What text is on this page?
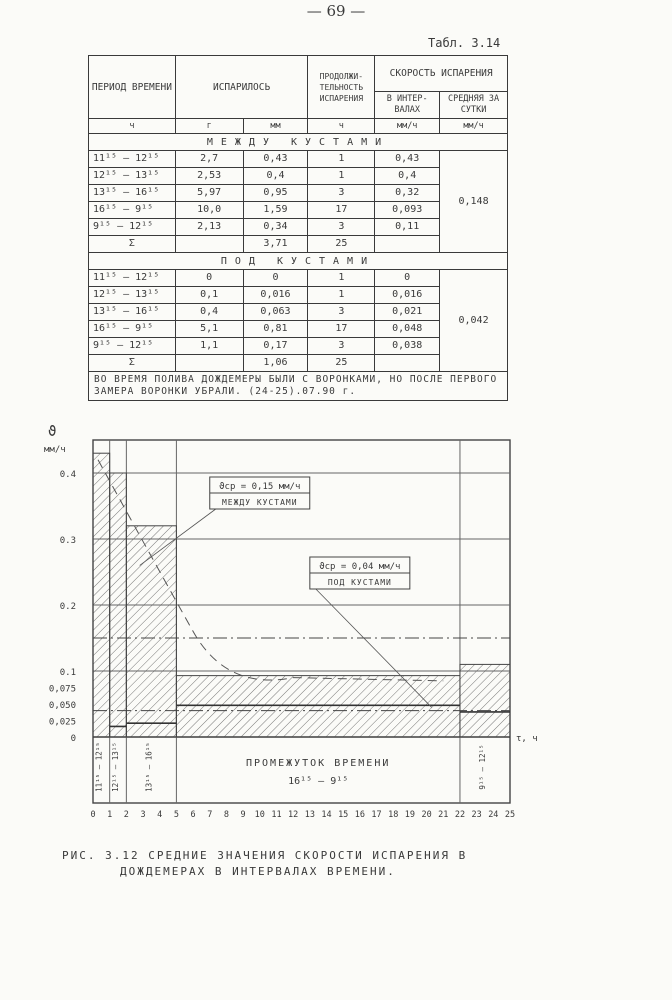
— 69 —
Табл. 3.14
ПЕРИОД ВРЕМЕНИ	ИСПАРИЛОСЬ		ПРОДОЛЖИ-ТЕЛЬНОСТЬ ИСПАРЕНИЯ	СКОРОСТЬ ИСПАРЕНИЯ	
				В ИНТЕР-ВАЛАХ	СРЕДНЯЯ ЗА СУТКИ
ч	г	мм	ч	мм/ч	мм/ч
МЕЖДУ КУСТАМИ					
11¹⁵ – 12¹⁵	2,7	0,43	1	0,43	0,148
12¹⁵ – 13¹⁵	2,53	0,4	1	0,4	
13¹⁵ – 16¹⁵	5,97	0,95	3	0,32	
16¹⁵ – 9¹⁵	10,0	1,59	17	0,093	
9¹⁵ – 12¹⁵	2,13	0,34	3	0,11	
Σ		3,71	25		
ПОД КУСТАМИ					
11¹⁵ – 12¹⁵	0	0	1	0	0,042
12¹⁵ – 13¹⁵	0,1	0,016	1	0,016	
13¹⁵ – 16¹⁵	0,4	0,063	3	0,021	
16¹⁵ – 9¹⁵	5,1	0,81	17	0,048	
9¹⁵ – 12¹⁵	1,1	0,17	3	0,038	
Σ		1,06	25		
ВО ВРЕМЯ ПОЛИВА ДОЖДЕМЕРЫ БЫЛИ С ВОРОНКАМИ, НО ПОСЛЕ ПЕРВОГО ЗАМЕРА ВОРОНКИ УБРАЛИ. (24-25).07.90 г.					
ϑср = 0,15 мм/ч
МЕЖДУ КУСТАМИ
ϑср = 0,04 мм/ч
ПОД КУСТАМИ
0
0,025
0,050
0,075
0.1
0.2
0.3
0.4
ϑ
мм/ч
τ, ч
0 1 2 3 4 5 6 7 8 9 10 11 12 13 14 15 16 17 18 19 20 21 22 23 24 25
11¹⁵ – 12¹⁵ 12¹⁵ – 13¹⁵	13¹⁵ – 16¹⁵	ПРОМЕЖУТОК ВРЕМЕНИ
16¹⁵ – 9¹⁵	9¹⁵ – 12¹⁵
РИС. 3.12 СРЕДНИЕ ЗНАЧЕНИЯ СКОРОСТИ ИСПАРЕНИЯ В
ДОЖДЕМЕРАХ В ИНТЕРВАЛАХ ВРЕМЕНИ.
